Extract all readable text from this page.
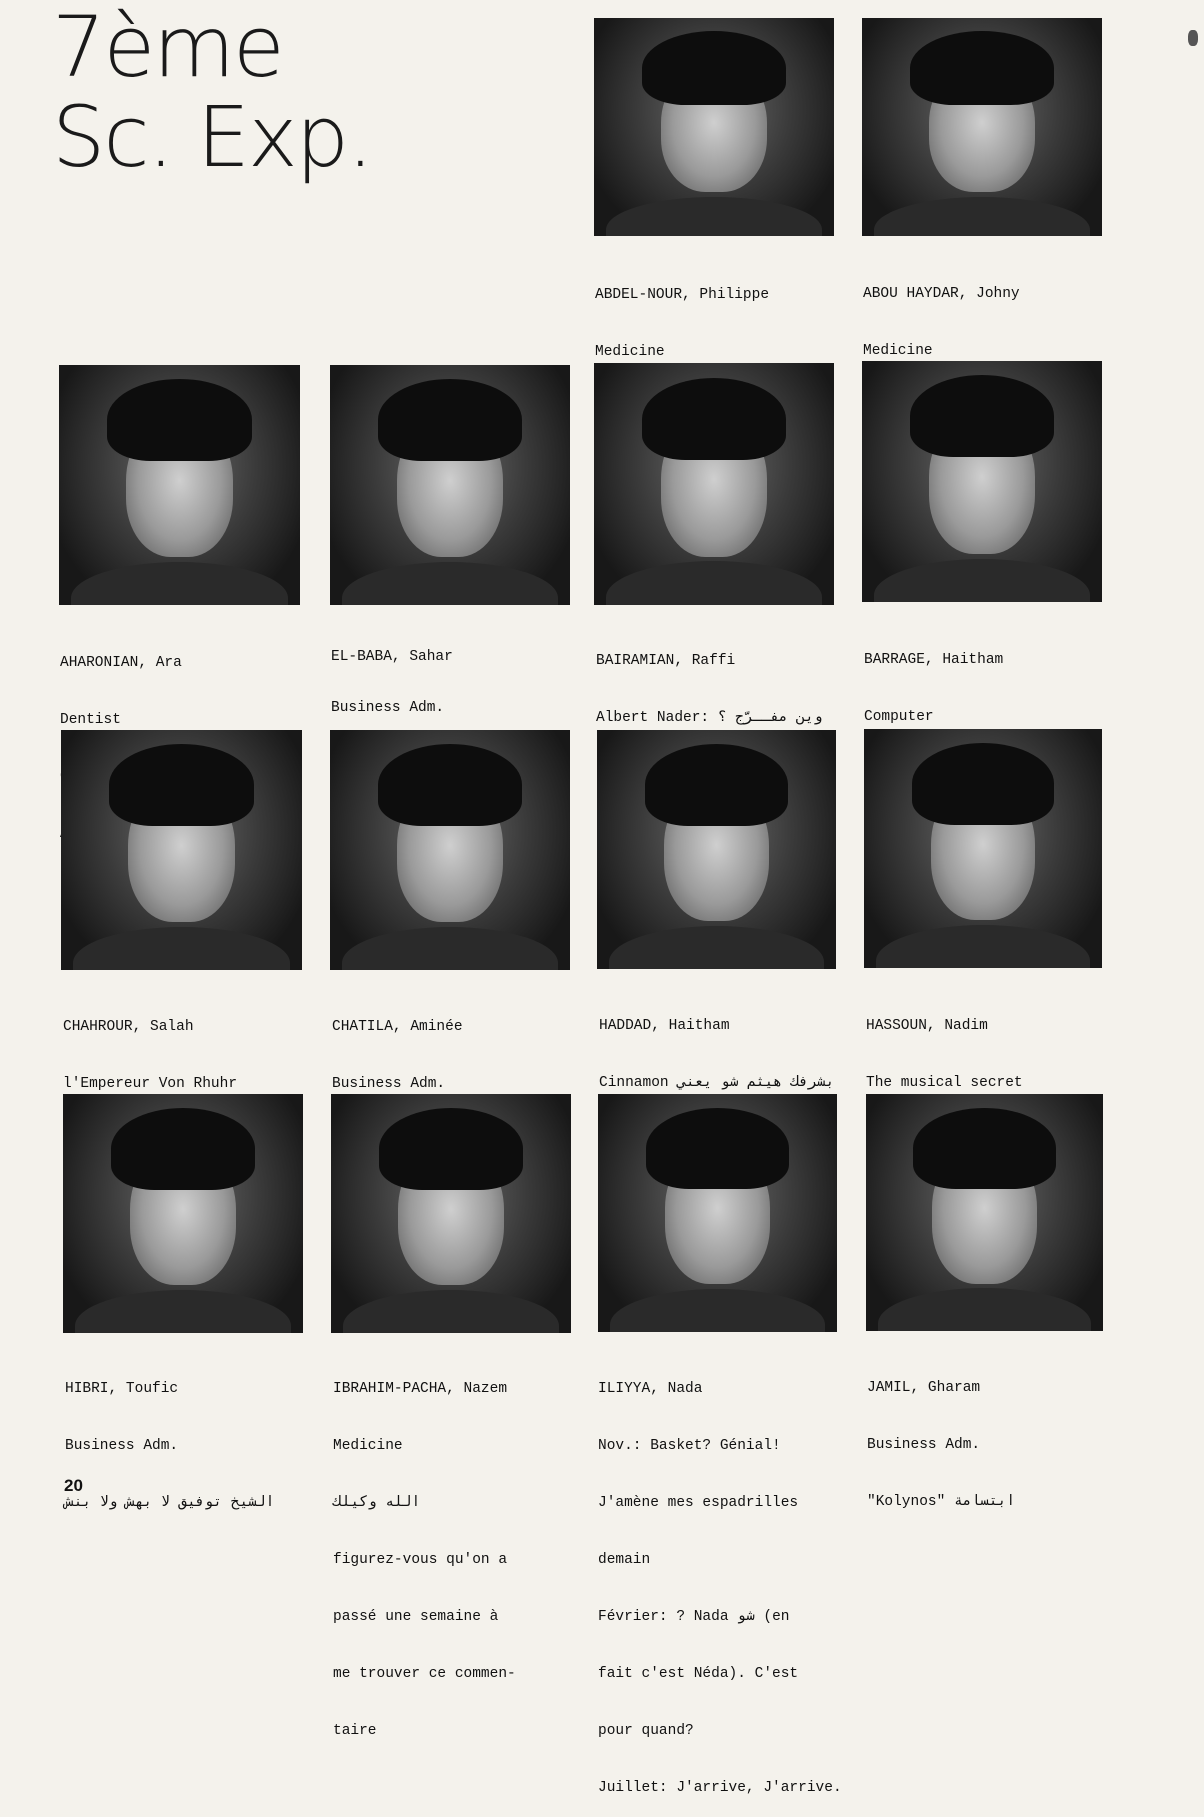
7ème
Sc. Exp.

ABDEL-NOUR, Philippe

Medicine

ABOU HAYDAR, Johny

Medicine

AHARONIAN, Ara

Dentist

EL-BABA, Sahar

Business Adm.

BAIRAMIAN, Raffi

Albert Nader: وين مفــرّج ؟

BARRAGE, Haitham

Computer

CHAHROUR, Salah

l'Empereur Von Rhuhr

CHATILA, Aminée

Business Adm.

HADDAD, Haitham

Cinnamon بشرفك هيثم شو يعني

HASSOUN, Nadim

The musical secret

HIBRI, Toufic

Business Adm.

الشيخ توفيق لا بهش ولا بنش

IBRAHIM-PACHA, Nazem

Medicine

الله وكيلك

figurez-vous qu'on a

passé une semaine à

me trouver ce commen-

taire

ILIYYA, Nada

Nov.: Basket? Génial!

J'amène mes espadrilles

demain

Février: ? Nada شو (en

fait c'est Néda). C'est

pour quand?

Juillet: J'arrive, J'arrive.

JAMIL, Gharam

Business Adm.

"Kolynos" ابتسامة

20
